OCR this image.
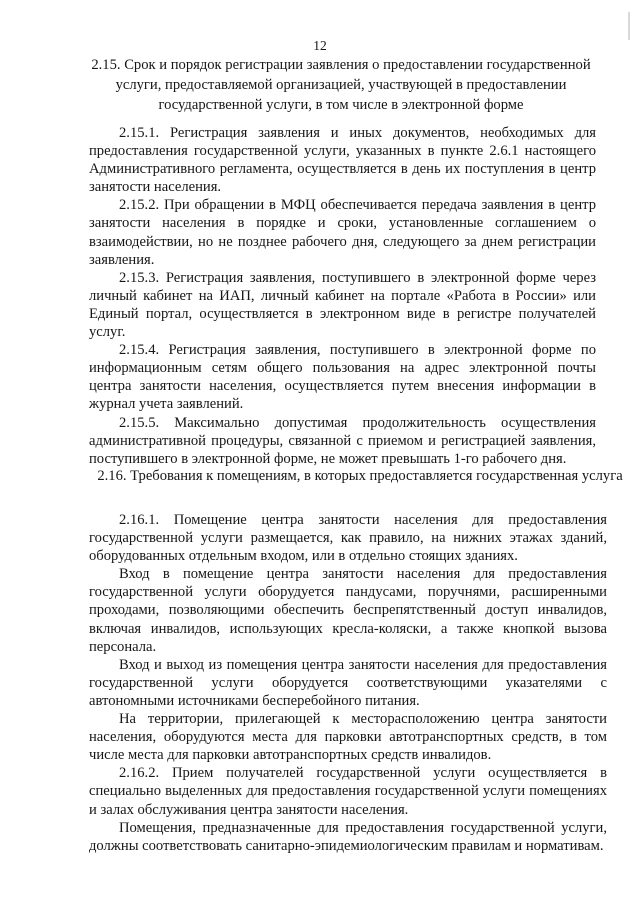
12

2.15. Срок и порядок регистрации заявления о предоставлении государственной услуги, предоставляемой организацией, участвующей в предоставлении государственной услуги, в том числе в электронной форме

2.15.1. Регистрация заявления и иных документов, необходимых для предоставления государственной услуги, указанных в пункте 2.6.1 настоящего Административного регламента, осуществляется в день их поступления в центр занятости населения.

2.15.2. При обращении в МФЦ обеспечивается передача заявления в центр занятости населения в порядке и сроки, установленные соглашением о взаимодействии, но не позднее рабочего дня, следующего за днем регистрации заявления.

2.15.3. Регистрация заявления, поступившего в электронной форме через личный кабинет на ИАП, личный кабинет на портале «Работа в России» или Единый портал, осуществляется в электронном виде в регистре получателей услуг.

2.15.4. Регистрация заявления, поступившего в электронной форме по информационным сетям общего пользования на адрес электронной почты центра занятости населения, осуществляется путем внесения информации в журнал учета заявлений.

2.15.5. Максимально допустимая продолжительность осуществления административной процедуры, связанной с приемом и регистрацией заявления, поступившего в электронной форме, не может превышать 1-го рабочего дня.

2.16. Требования к помещениям, в которых предоставляется государственная услуга

2.16.1. Помещение центра занятости населения для предоставления государственной услуги размещается, как правило, на нижних этажах зданий, оборудованных отдельным входом, или в отдельно стоящих зданиях.

Вход в помещение центра занятости населения для предоставления государственной услуги оборудуется пандусами, поручнями, расширенными проходами, позволяющими обеспечить беспрепятственный доступ инвалидов, включая инвалидов, использующих кресла-коляски, а также кнопкой вызова персонала.

Вход и выход из помещения центра занятости населения для предоставления государственной услуги оборудуется соответствующими указателями с автономными источниками бесперебойного питания.

На территории, прилегающей к месторасположению центра занятости населения, оборудуются места для парковки автотранспортных средств, в том числе места для парковки автотранспортных средств инвалидов.

2.16.2. Прием получателей государственной услуги осуществляется в специально выделенных для предоставления государственной услуги помещениях и залах обслуживания центра занятости населения.

Помещения, предназначенные для предоставления государственной услуги, должны соответствовать санитарно-эпидемиологическим правилам и нормативам.
